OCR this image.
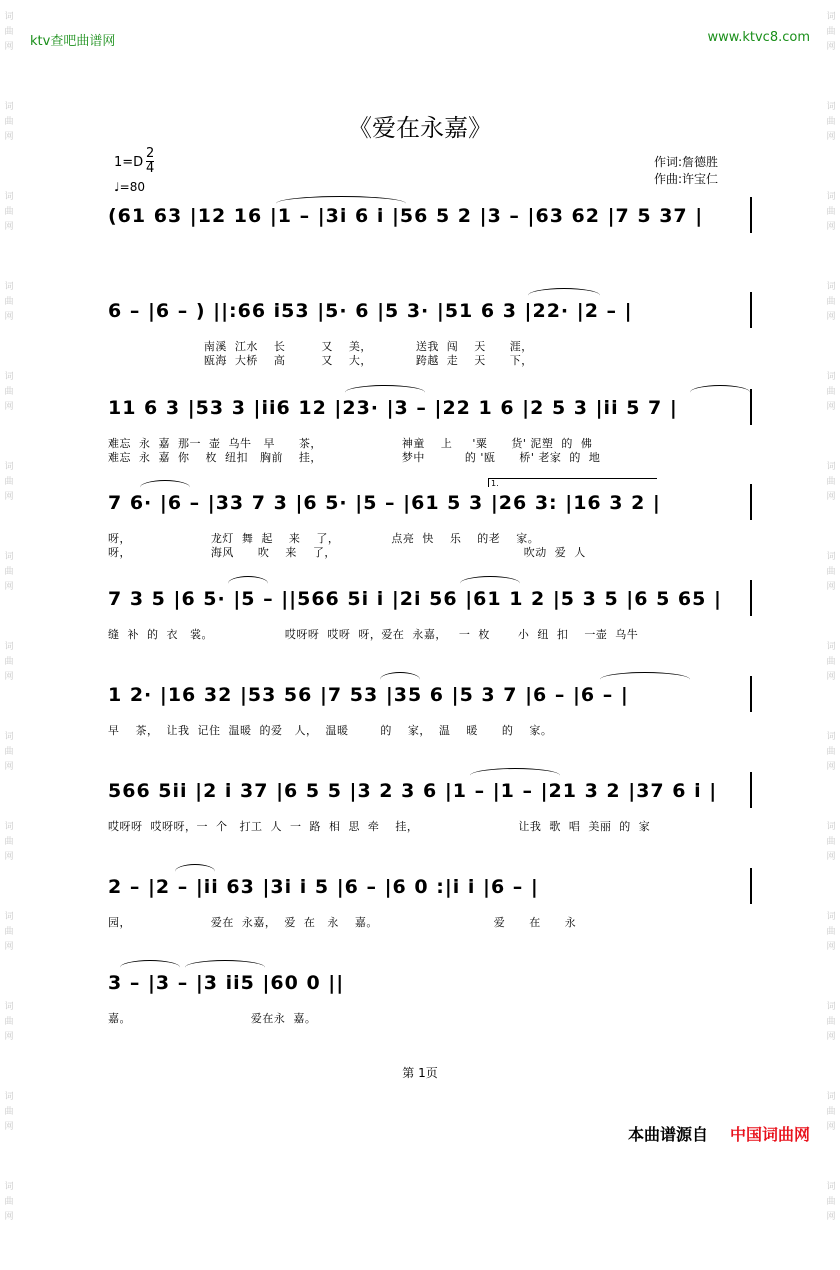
词
曲
网
词
曲
网
词
曲
网
词
曲
网
词
曲
网
词
曲
网
词
曲
网
词
曲
网
词
曲
网
词
曲
网
词
曲
网
词
曲
网
词
曲
网
词
曲
网
词
曲
网
词
曲
网
词
曲
网
词
曲
网
词
曲
网
词
曲
网
词
曲
网
词
曲
网
词
曲
网
词
曲
网
词
曲
网
词
曲
网
词
曲
网
词
曲
网
ktv查吧曲谱网	www.ktvc8.com
《爱在永嘉》
$1=D \frac{2}{4}$
♩=80
作词:詹德胜
作曲:许宝仁
(61 63 |12 16 |1 – |3i 6 i |56 5 2 |3 – |63 62 |7 5 37 |
6 – |6 – ) ||:66 i53 |5· 6 |5 3· |51 6 3 |22· |2 – |
南溪  江水    长         又    美，           送我  闯    天      涯，
瓯海  大桥    高         又    大，           跨越  走    天      下，
11 6 3 |53 3 |ii6 12 |23· |3 – |22 1 6 |2 5 3 |ii 5 7 |
难忘  永  嘉  那一  壶  乌牛   早      茶，                    神童    上     '粟      货' 泥塑  的  佛
难忘  永  嘉  你    枚  纽扣   胸前    挂，                    梦中          的 '瓯      桥' 老家  的  地
7 6· |6 – |33 7 3 |6 5· |5 – |61 5 3 |26 3: |16 3 2 |
呀，                    龙灯  舞  起    来    了，             点亮  快    乐    的老    家。
呀，                    海风      吹    来    了，                                               吹动  爱  人
7 3 5 |6 5· |5 – ||566 5i i |2i 56 |61 1 2 |5 3 5 |6 5 65 |
缝  补  的  衣   裳。                  哎呀呀  哎呀  呀，爱在  永嘉，   一  枚       小  纽  扣    一壶  乌牛
1 2· |16 32 |53 56 |7 53 |35 6 |5 3 7 |6 – |6 – |
早    茶，  让我  记住  温暖  的爱   人，  温暖        的    家，  温    暖      的    家。
566 5ii |2 i 37 |6 5 5 |3 2 3 6 |1 – |1 – |21 3 2 |37 6 i |
哎呀呀  哎呀呀，一  个   打工  人  一  路  相  思  牵    挂，                         让我  歌  唱  美丽  的  家
2 – |2 – |ii 63 |3i i 5 |6 – |6 0 :|i i |6 – |
园，                    爱在  永嘉，  爱  在   永    嘉。                             爱      在      永
3 – |3 – |3 ii5 |60 0 ||
嘉。                              爱在永  嘉。
1.
第 1页
本曲谱源自 中国词曲网
